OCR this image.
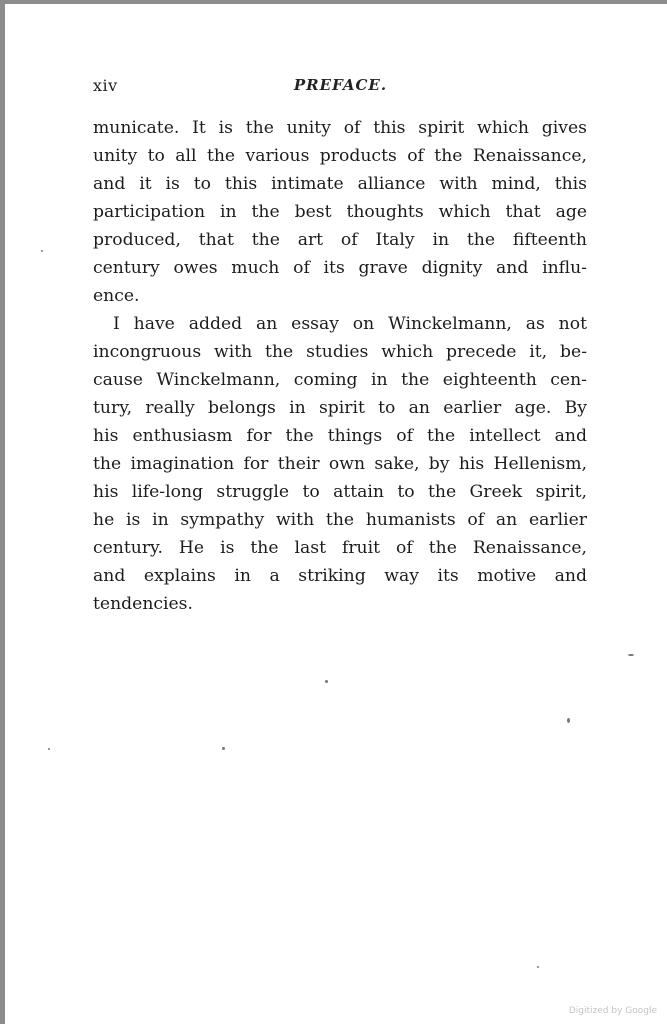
xiv	PREFACE.
municate. It is the unity of this spirit which gives
unity to all the various products of the Renaissance,
and it is to this intimate alliance with mind, this
participation in the best thoughts which that age
produced, that the art of Italy in the fifteenth
century owes much of its grave dignity and influ-
ence.
I have added an essay on Winckelmann, as not
incongruous with the studies which precede it, be-
cause Winckelmann, coming in the eighteenth cen-
tury, really belongs in spirit to an earlier age. By
his enthusiasm for the things of the intellect and
the imagination for their own sake, by his Hellenism,
his life-long struggle to attain to the Greek spirit,
he is in sympathy with the humanists of an earlier
century. He is the last fruit of the Renaissance,
and explains in a striking way its motive and
tendencies.
Digitized by Google
